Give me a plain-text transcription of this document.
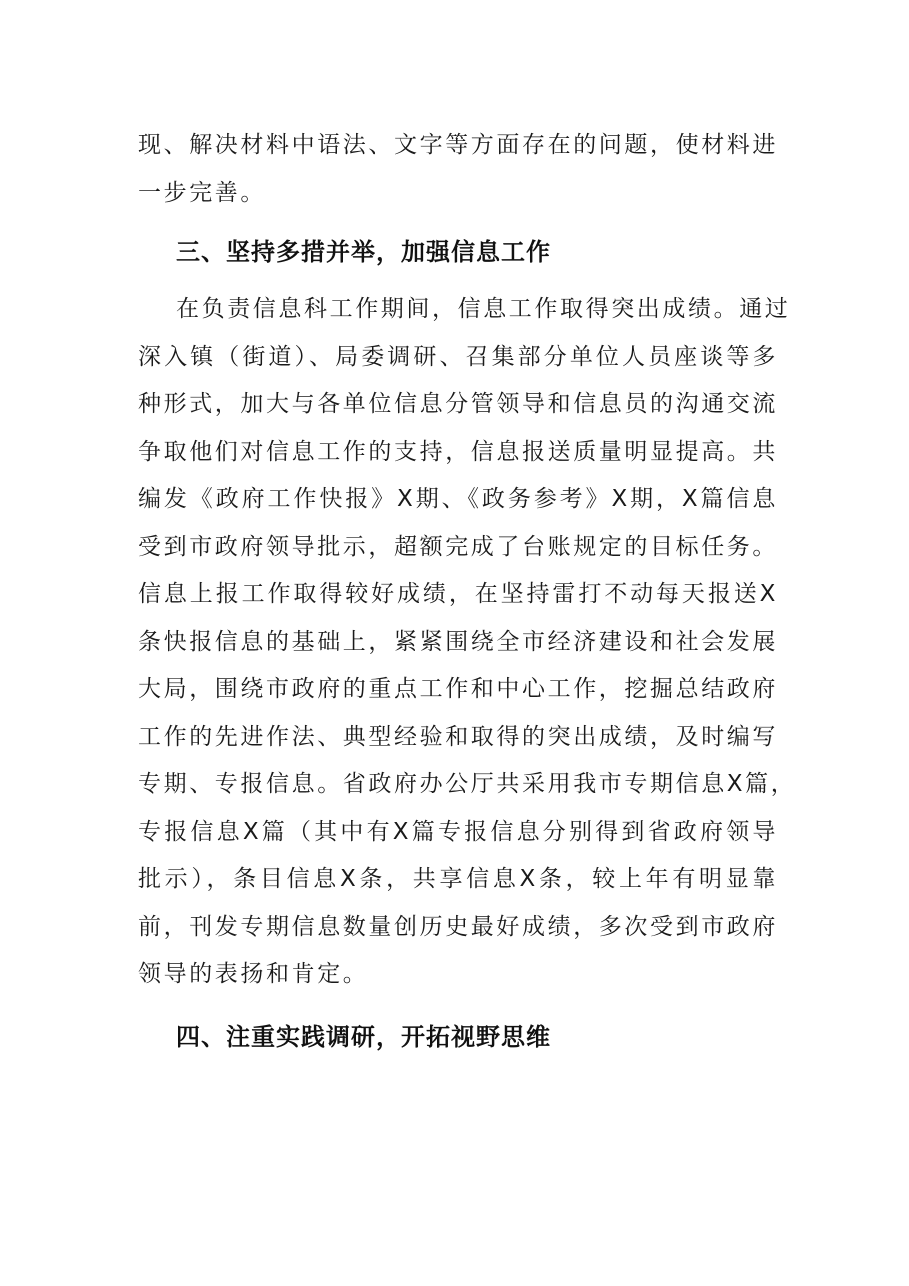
现、解决材料中语法、文字等方面存在的问题，使材料进
一步完善。
三、坚持多措并举，加强信息工作
在负责信息科工作期间，信息工作取得突出成绩。通过
深入镇（街道）、局委调研、召集部分单位人员座谈等多
种形式，加大与各单位信息分管领导和信息员的沟通交流
争取他们对信息工作的支持，信息报送质量明显提高。共
编发《政府工作快报》X期、《政务参考》X期，X篇信息
受到市政府领导批示，超额完成了台账规定的目标任务。
信息上报工作取得较好成绩，在坚持雷打不动每天报送X
条快报信息的基础上，紧紧围绕全市经济建设和社会发展
大局，围绕市政府的重点工作和中心工作，挖掘总结政府
工作的先进作法、典型经验和取得的突出成绩，及时编写
专期、专报信息。省政府办公厅共采用我市专期信息X篇，
专报信息X篇（其中有X篇专报信息分别得到省政府领导
批示），条目信息X条，共享信息X条，较上年有明显靠
前，刊发专期信息数量创历史最好成绩，多次受到市政府
领导的表扬和肯定。
四、注重实践调研，开拓视野思维
